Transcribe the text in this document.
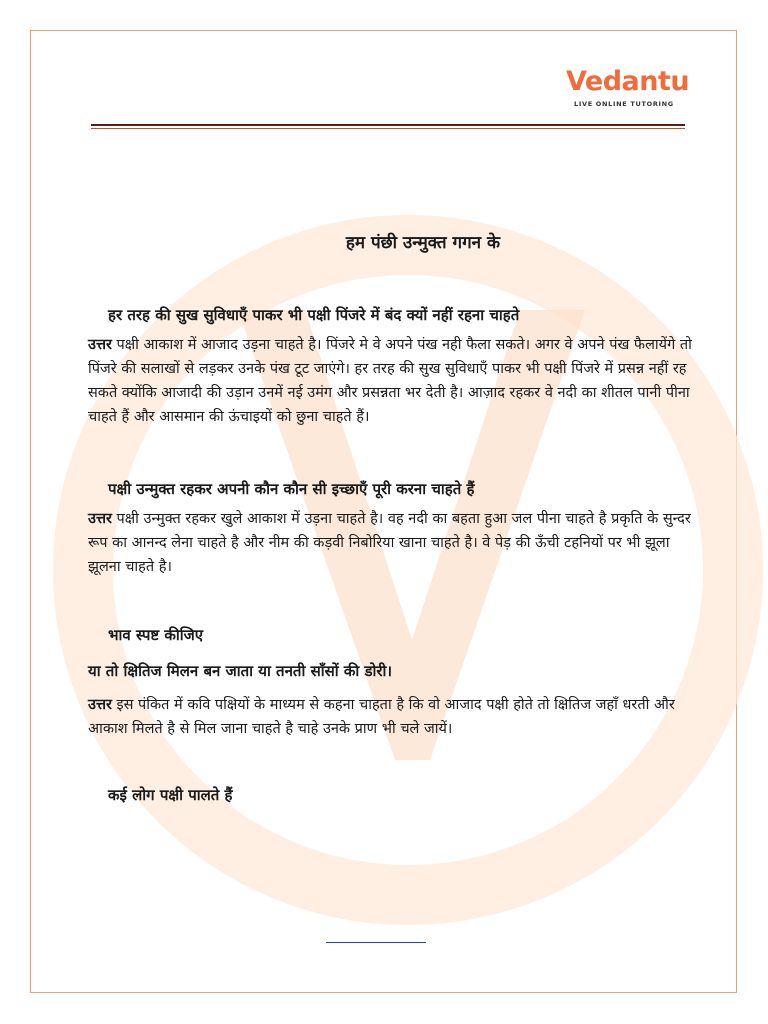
Vedantu
LIVE ONLINE TUTORING
हम पंछी उन्मुक्त गगन के

हर तरह की सुख सुविधाएँ पाकर भी पक्षी पिंजरे में बंद क्यों नहीं रहना चाहते

उत्तर पक्षी आकाश में आजाद उड़ना चाहते है। पिंजरे मे वे अपने पंख नही फैला सकते। अगर वे अपने पंख फैलायेंगे तो पिंजरे की सलाखों से लड़कर उनके पंख टूट जाएंगे। हर तरह की सुख सुविधाएँ पाकर भी पक्षी पिंजरे में प्रसन्न नहीं रह सकते क्योंकि आजादी की उड़ान उनमें नई उमंग और प्रसन्नता भर देती है। आज़ाद रहकर वे नदी का शीतल पानी पीना चाहते हैं और आसमान की ऊंचाइयों को छुना चाहते हैं।

पक्षी उन्मुक्त रहकर अपनी कौन कौन सी इच्छाएँ पूरी करना चाहते हैं

उत्तर पक्षी उन्मुक्त रहकर खुले आकाश में उड़ना चाहते है। वह नदी का बहता हुआ जल पीना चाहते है प्रकृति के सुन्दर रूप का आनन्द लेना चाहते है और नीम की कड़वी निबोरिया खाना चाहते है। वे पेड़ की ऊँची टहनियों पर भी झूला झूलना चाहते है।

भाव स्पष्ट कीजिए

या तो क्षितिज मिलन बन जाता या तनती साँसों की डोरी।

उत्तर इस पंकित में कवि पक्षियों के माध्यम से कहना चाहता है कि वो आजाद पक्षी होते तो क्षितिज जहाँ धरती और आकाश मिलते है से मिल जाना चाहते है चाहे उनके प्राण भी चले जायें।

कई लोग पक्षी पालते हैं
